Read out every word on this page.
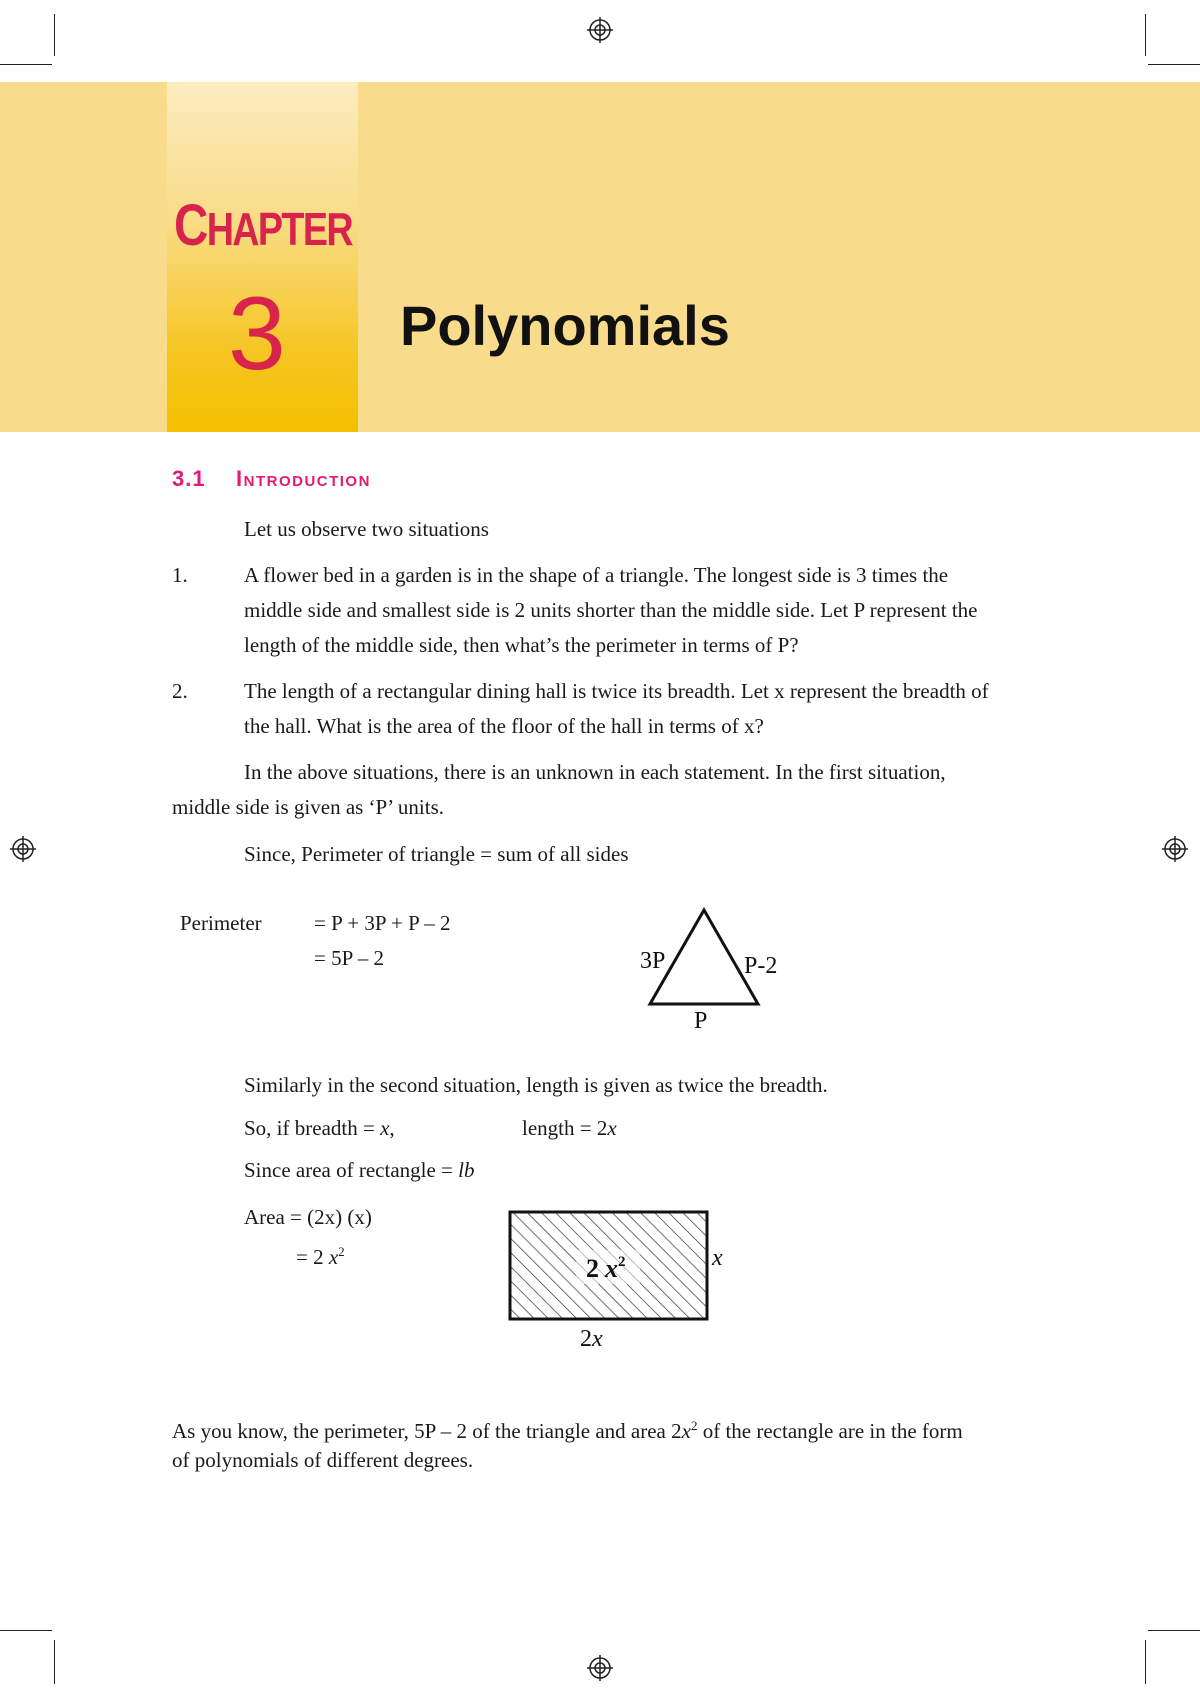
CHAPTER
3 Polynomials
3.1 Introduction
Let us observe two situations
1.	A flower bed in a garden is in the shape of a triangle. The longest side is 3 times the
middle side and smallest side is 2 units shorter than the middle side. Let P represent the
length of the middle side, then what’s the perimeter in terms of P?
2.	The length of a rectangular dining hall is twice its breadth. Let x represent the breadth of
the hall. What is the area of the floor of the hall in terms of x?
In the above situations, there is an unknown in each statement. In the first situation,
middle side is given as ‘P’ units.
Since, Perimeter of triangle = sum of all sides
Perimeter = P + 3P + P – 2
= 5P – 2	3P	P-2
P
Similarly in the second situation, length is given as twice the breadth.
So, if breadth = x,	length = 2x
Since area of rectangle = lb
Area = (2x) (x)
= 2 $x^2$
2 $x^2$	x
2x
As you know, the perimeter, 5P – 2 of the triangle and area $2x^2$ of the rectangle are in the form
of polynomials of different degrees.
